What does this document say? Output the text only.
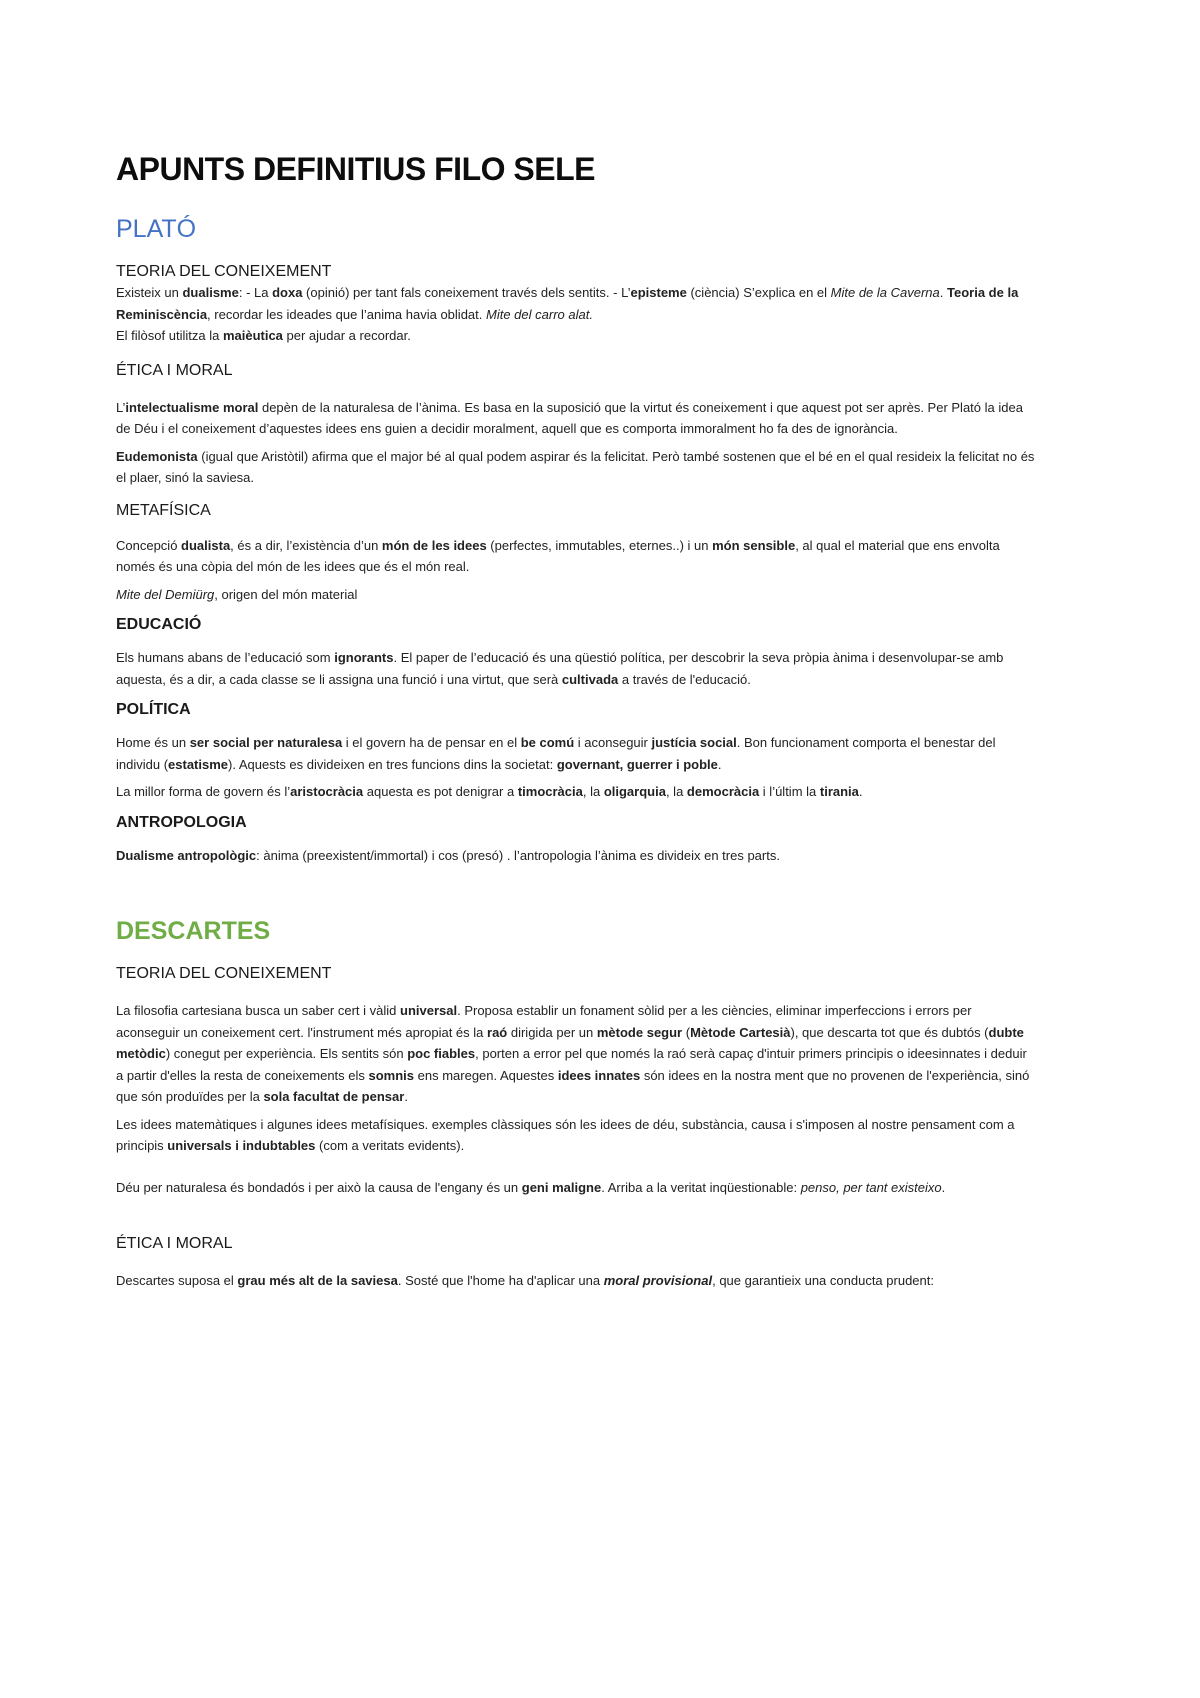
APUNTS DEFINITIUS FILO SELE
PLATÓ
TEORIA DEL CONEIXEMENT

Existeix un dualisme: - La doxa (opinió) per tant fals coneixement través dels sentits. - L’episteme (ciència) S’explica en el Mite de la Caverna. Teoria de la Reminiscència, recordar les ideades que l’anima havia oblidat. Mite del carro alat.

El filòsof utilitza la maièutica per ajudar a recordar.

ÉTICA I MORAL

L’intelectualisme moral depèn de la naturalesa de l’ànima. Es basa en la suposició que la virtut és coneixement i que aquest pot ser après. Per Plató la idea de Déu i el coneixement d’aquestes idees ens guien a decidir moralment, aquell que es comporta immoralment ho fa des de ignorància.

Eudemonista (igual que Aristòtil) afirma que el major bé al qual podem aspirar és la felicitat. Però també sostenen que el bé en el qual resideix la felicitat no és el plaer, sinó la saviesa.

METAFÍSICA

Concepció dualista, és a dir, l’existència d’un món de les idees (perfectes, immutables, eternes..) i un món sensible, al qual el material que ens envolta només és una còpia del món de les idees que és el món real.

Mite del Demiürg, origen del món material

EDUCACIÓ

Els humans abans de l’educació som ignorants. El paper de l’educació és una qüestió política, per descobrir la seva pròpia ànima i desenvolupar-se amb aquesta, és a dir, a cada classe se li assigna una funció i una virtut, que serà cultivada a través de l'educació.

POLÍTICA

Home és un ser social per naturalesa i el govern ha de pensar en el be comú i aconseguir justícia social. Bon funcionament comporta el benestar del individu (estatisme). Aquests es divideixen en tres funcions dins la societat: governant, guerrer i poble.

La millor forma de govern és l’aristocràcia aquesta es pot denigrar a timocràcia, la oligarquia, la democràcia i l’últim la tirania.

ANTROPOLOGIA

Dualisme antropològic: ànima (preexistent/immortal) i cos (presó) . l’antropologia l’ànima es divideix en tres parts.

DESCARTES
TEORIA DEL CONEIXEMENT

La filosofia cartesiana busca un saber cert i vàlid universal. Proposa establir un fonament sòlid per a les ciències, eliminar imperfeccions i errors per aconseguir un coneixement cert. l'instrument més apropiat és la raó dirigida per un mètode segur (Mètode Cartesià), que descarta tot que és dubtós (dubte metòdic) conegut per experiència. Els sentits són poc fiables, porten a error pel que només la raó serà capaç d'intuir primers principis o ideesinnates i deduir a partir d'elles la resta de coneixements els somnis ens maregen. Aquestes idees innates són idees en la nostra ment que no provenen de l'experiència, sinó que són produïdes per la sola facultat de pensar.

Les idees matemàtiques i algunes idees metafísiques. exemples clàssiques són les idees de déu, substància, causa i s'imposen al nostre pensament com a principis universals i indubtables (com a veritats evidents).

Déu per naturalesa és bondadós i per això la causa de l'engany és un geni maligne. Arriba a la veritat inqüestionable: penso, per tant existeixo.

ÉTICA I MORAL

Descartes suposa el grau més alt de la saviesa. Sosté que l'home ha d'aplicar una moral provisional, que garantieix una conducta prudent:
